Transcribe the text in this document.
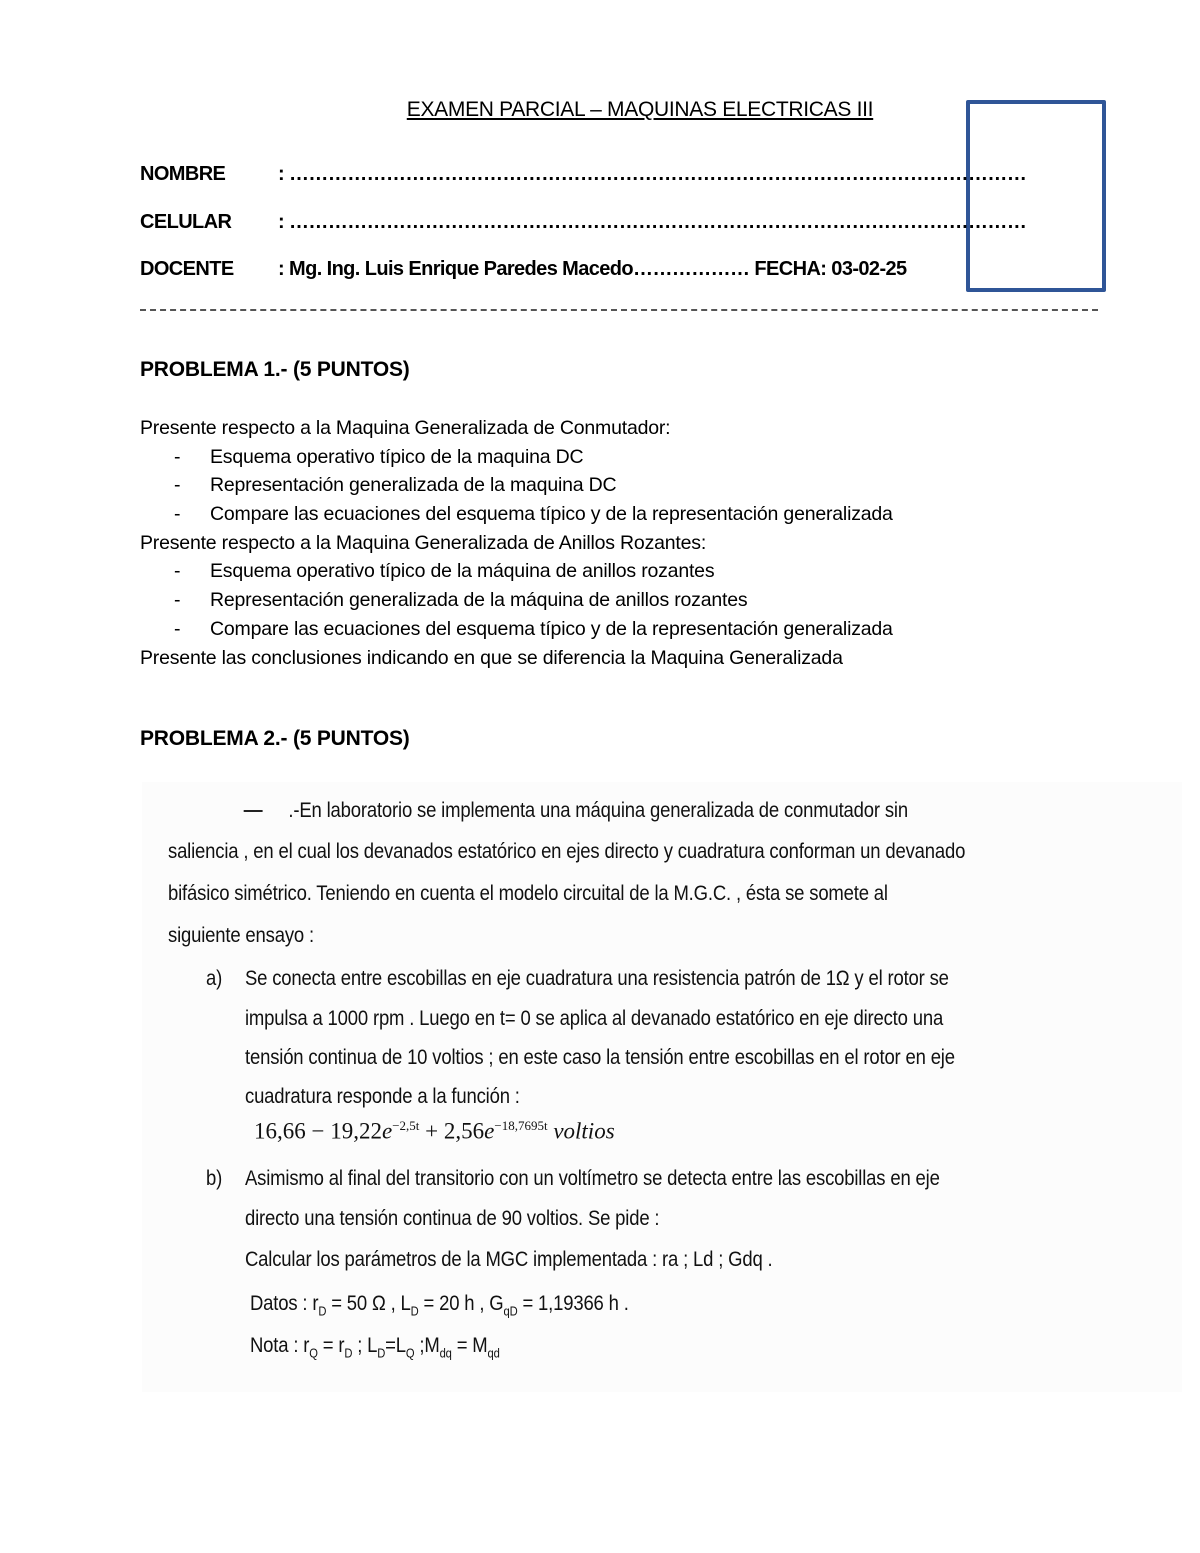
EXAMEN PARCIAL – MAQUINAS ELECTRICAS III
NOMBRE	: ……………………………………………………………………………………………………
CELULAR : ……………………………………………………………………………………………………
DOCENTE : Mg. Ing. Luis Enrique Paredes Macedo……………… FECHA: 03-02-25
PROBLEMA 1.- (5 PUNTOS)
Presente respecto a la Maquina Generalizada de Conmutador:
- Esquema operativo típico de la maquina DC
- Representación generalizada de la maquina DC
- Compare las ecuaciones del esquema típico y de la representación generalizada
Presente respecto a la Maquina Generalizada de Anillos Rozantes:
- Esquema operativo típico de la máquina de anillos rozantes
- Representación generalizada de la máquina de anillos rozantes
- Compare las ecuaciones del esquema típico y de la representación generalizada
Presente las conclusiones indicando en que se diferencia la Maquina Generalizada
PROBLEMA 2.- (5 PUNTOS)
.-En laboratorio se implementa una máquina generalizada de conmutador sin
saliencia , en el cual los devanados estatórico en ejes directo y cuadratura conforman un devanado
bifásico simétrico. Teniendo en cuenta el modelo circuital de la M.G.C. , ésta se somete al
siguiente ensayo :
a) Se conecta entre escobillas en eje cuadratura una resistencia patrón de 1Ω y el rotor se
impulsa a 1000 rpm . Luego en t= 0 se aplica al devanado estatórico en eje directo una
tensión continua de 10 voltios ; en este caso la tensión entre escobillas en el rotor en eje
cuadratura responde a la función :
$16,66 - 19,22e^{-2,5t} + 2,56e^{-18,7695t}$ voltios
b) Asimismo al final del transitorio con un voltímetro se detecta entre las escobillas en eje
directo una tensión continua de 90 voltios. Se pide :
Calcular los parámetros de la MGC implementada : ra ; Ld ; Gdq .
Datos : $r_D = 50$ Ω , $L_D = 20$ h , $G_{qD} = 1,19366$ h .
Nota : $r_Q = r_D$ ; $L_D=L_Q$ $;M_{dq} = M_{qd}$
